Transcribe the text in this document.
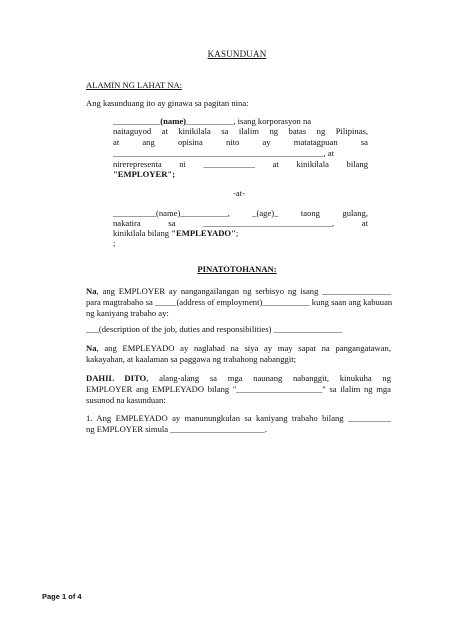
KASUNDUAN
ALAMIN NG LAHAT NA:
Ang kasunduang ito ay ginawa sa pagitan nina:
___________(name)___________, isang korporasyon na
naitaguyod at kinikilala sa ilalim ng batas ng Pilipinas,
at ang opisina nito ay matatagpuan sa
_________________________________________________, at
nirerepresenta ni ____________ at kinikilala bilang
"EMPLOYER";
-at-
__________(name)___________, _(age)_ taong gulang,
nakatira sa ______________________________, at
kinikilala bilang "EMPLEYADO";
;
PINATOTOHANAN:
Na, ang EMPLOYER ay nangangailangan ng serbisyo ng isang ________________
para magtrabaho sa _____(address of employment)___________ kung saan ang kabuuan
ng kaniyang trabaho ay:
___(description of the job, duties and responsibilities) ________________
Na, ang EMPLEYADO ay naglahad na siya ay may sapat na pangangatawan,
kakayahan, at kaalaman sa paggawa ng trabahong nabanggit;
DAHIL DITO, alang-alang sa mga naunang nabanggit, kinukuha ng
EMPLOYER ang EMPLEYADO bilang "____________________" sa ilalim ng mga
susunod na kasunduan:
1. Ang EMPLEYADO ay manunungkulan sa kaniyang trabaho bilang __________
ng EMPLOYER simula ______________________.
Page 1 of 4
